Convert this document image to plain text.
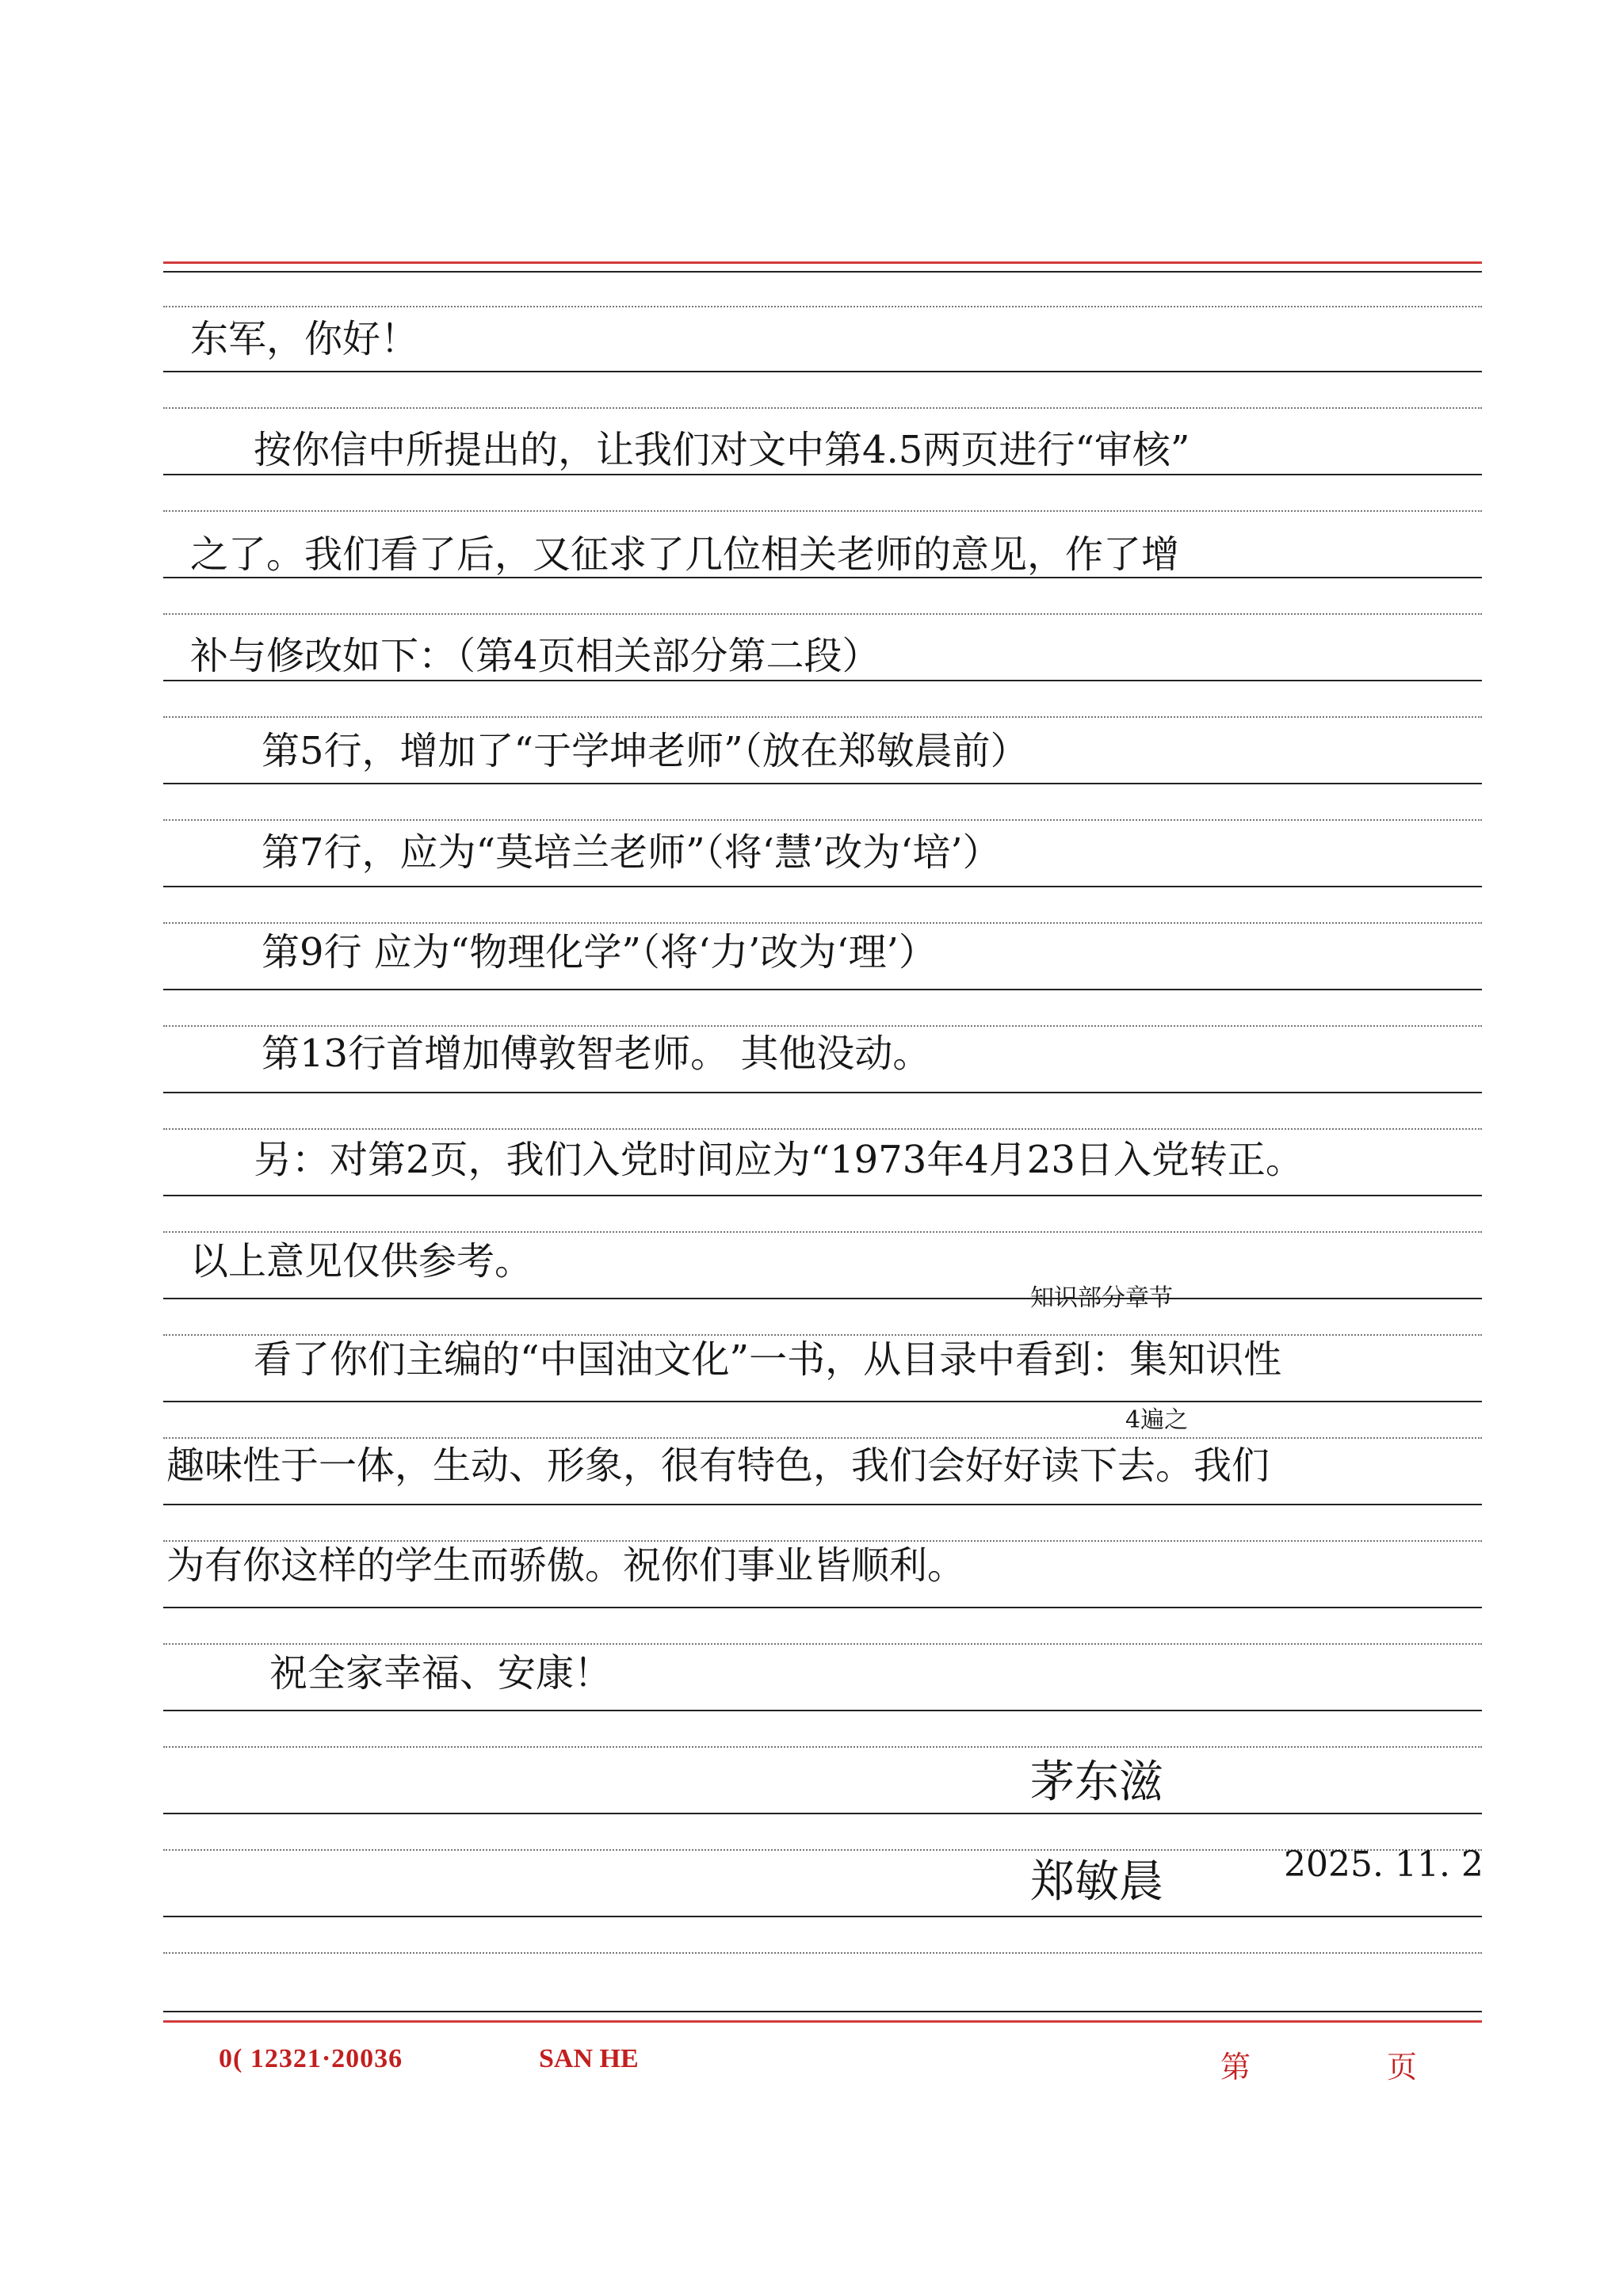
东军，你好！
按你信中所提出的，让我们对文中第4.5两页进行“审核”
之了。我们看了后，又征求了几位相关老师的意见，作了增
补与修改如下：（第4页相关部分第二段）
第5行，增加了“于学坤老师”（放在郑敏晨前）
第7行，应为“莫培兰老师”（将‘慧’改为‘培’）
第9行 应为“物理化学”（将‘力’改为‘理’）
第13行首增加傅敦智老师。 其他没动。
另：对第2页，我们入党时间应为“1973年4月23日入党转正。
以上意见仅供参考。
知识部分章节
看了你们主编的“中国油文化”一书，从目录中看到：集知识性
4遍之
趣味性于一体，生动、形象，很有特色，我们会好好读下去。我们
为有你这样的学生而骄傲。祝你们事业皆顺利。
祝全家幸福、安康！
茅东滋
郑敏晨	2025. 11. 2
0( 12321·20036	SAN HE	第	页
